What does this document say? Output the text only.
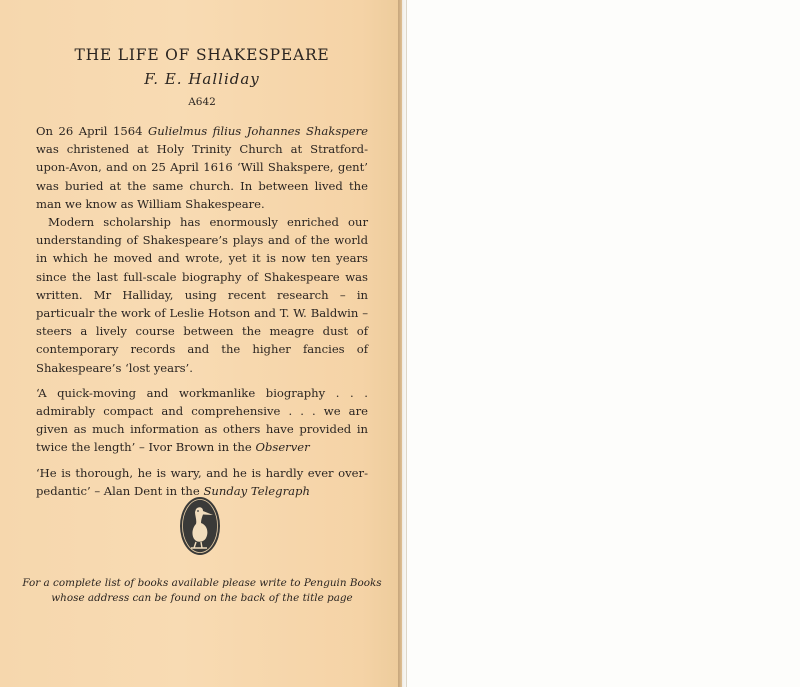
THE LIFE OF SHAKESPEARE
F. E. Halliday
A642

On 26 April 1564 Gulielmus filius Johannes Shakspere was christened at Holy Trinity Church at Stratford-upon-Avon, and on 25 April 1616 ‘Will Shakspere, gent’ was buried at the same church. In between lived the man we know as William Shakespeare.

Modern scholarship has enormously enriched our understanding of Shakespeare’s plays and of the world in which he moved and wrote, yet it is now ten years since the last full-scale biography of Shakespeare was written. Mr Halliday, using recent research – in particualr the work of Leslie Hotson and T. W. Baldwin – steers a lively course between the meagre dust of contemporary records and the higher fancies of Shakespeare’s ‘lost years’.

‘A quick-moving and workmanlike biography . . . admirably compact and comprehensive . . . we are given as much information as others have provided in twice the length’ – Ivor Brown in the Observer

‘He is thorough, he is wary, and he is hardly ever over-pedantic’ – Alan Dent in the Sunday Telegraph

For a complete list of books available please write to Penguin Books
whose address can be found on the back of the title page
